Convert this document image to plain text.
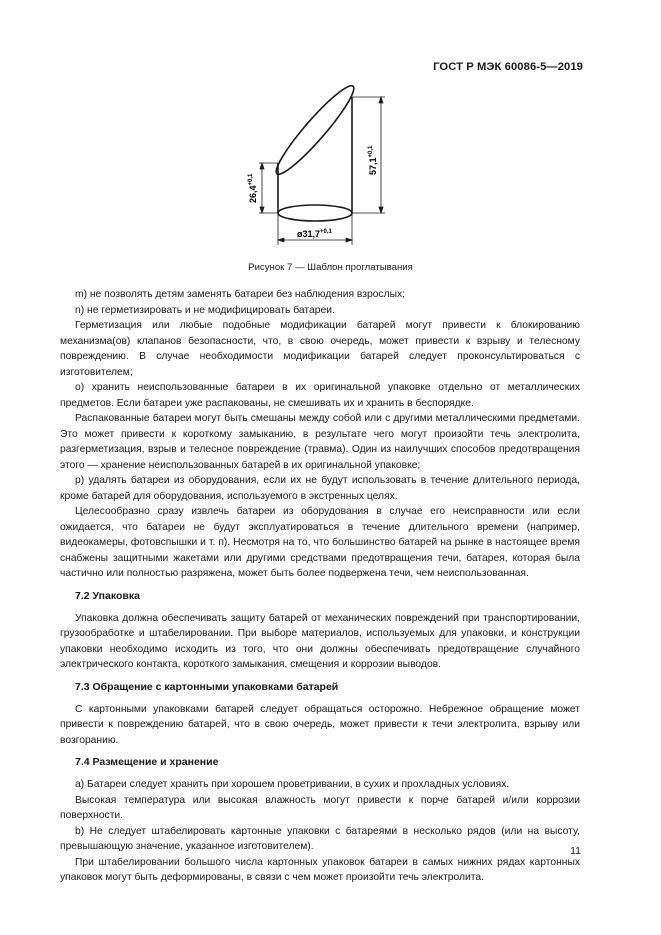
ГОСТ Р МЭК 60086-5—2019
$26,4^{+0,1}$
$57,1^{+0,1}$
$ø31,7^{+0,1}$
Рисунок 7 — Шаблон проглатывания

m) не позволять детям заменять батареи без наблюдения взрослых;

n) не герметизировать и не модифицировать батареи.

Герметизация или любые подобные модификации батарей могут привести к блокированию механизма(ов) клапанов безопасности, что, в свою очередь, может привести к взрыву и телесному повреждению. В случае необходимости модификации батарей следует проконсультироваться с изготовителем;

o) хранить неиспользованные батареи в их оригинальной упаковке отдельно от металлических предметов. Если батареи уже распакованы, не смешивать их и хранить в беспорядке.

Распакованные батареи могут быть смешаны между собой или с другими металлическими предметами. Это может привести к короткому замыканию, в результате чего могут произойти течь электролита, разгерметизация, взрыв и телесное повреждение (травма). Один из наилучших способов предотвращения этого — хранение неиспользованных батарей в их оригинальной упаковке;

p) удалять батареи из оборудования, если их не будут использовать в течение длительного периода, кроме батарей для оборудования, используемого в экстренных целях.

Целесообразно сразу извлечь батареи из оборудования в случае его неисправности или если ожидается, что батареи не будут эксплуатироваться в течение длительного времени (например, видеокамеры, фотовспышки и т. п). Несмотря на то, что большинство батарей на рынке в настоящее время снабжены защитными жакетами или другими средствами предотвращения течи, батарея, которая была частично или полностью разряжена, может быть более подвержена течи, чем неиспользованная.

7.2 Упаковка

Упаковка должна обеспечивать защиту батарей от механических повреждений при транспортировании, грузообработке и штабелировании. При выборе материалов, используемых для упаковки, и конструкции упаковки необходимо исходить из того, что они должны обеспечивать предотвращение случайного электрического контакта, короткого замыкания, смещения и коррозии выводов.

7.3 Обращение с картонными упаковками батарей

С картонными упаковками батарей следует обращаться осторожно. Небрежное обращение может привести к повреждению батарей, что в свою очередь, может привести к течи электролита, взрыву или возгоранию.

7.4 Размещение и хранение

a) Батареи следует хранить при хорошем проветривании, в сухих и прохладных условиях.

Высокая температура или высокая влажность могут привести к порче батарей и/или коррозии поверхности.

b) Не следует штабелировать картонные упаковки с батареями в несколько рядов (или на высоту, превышающую значение, указанное изготовителем).

При штабелировании большого числа картонных упаковок батареи в самых нижних рядах картонных упаковок могут быть деформированы, в связи с чем может произойти течь электролита.

11
